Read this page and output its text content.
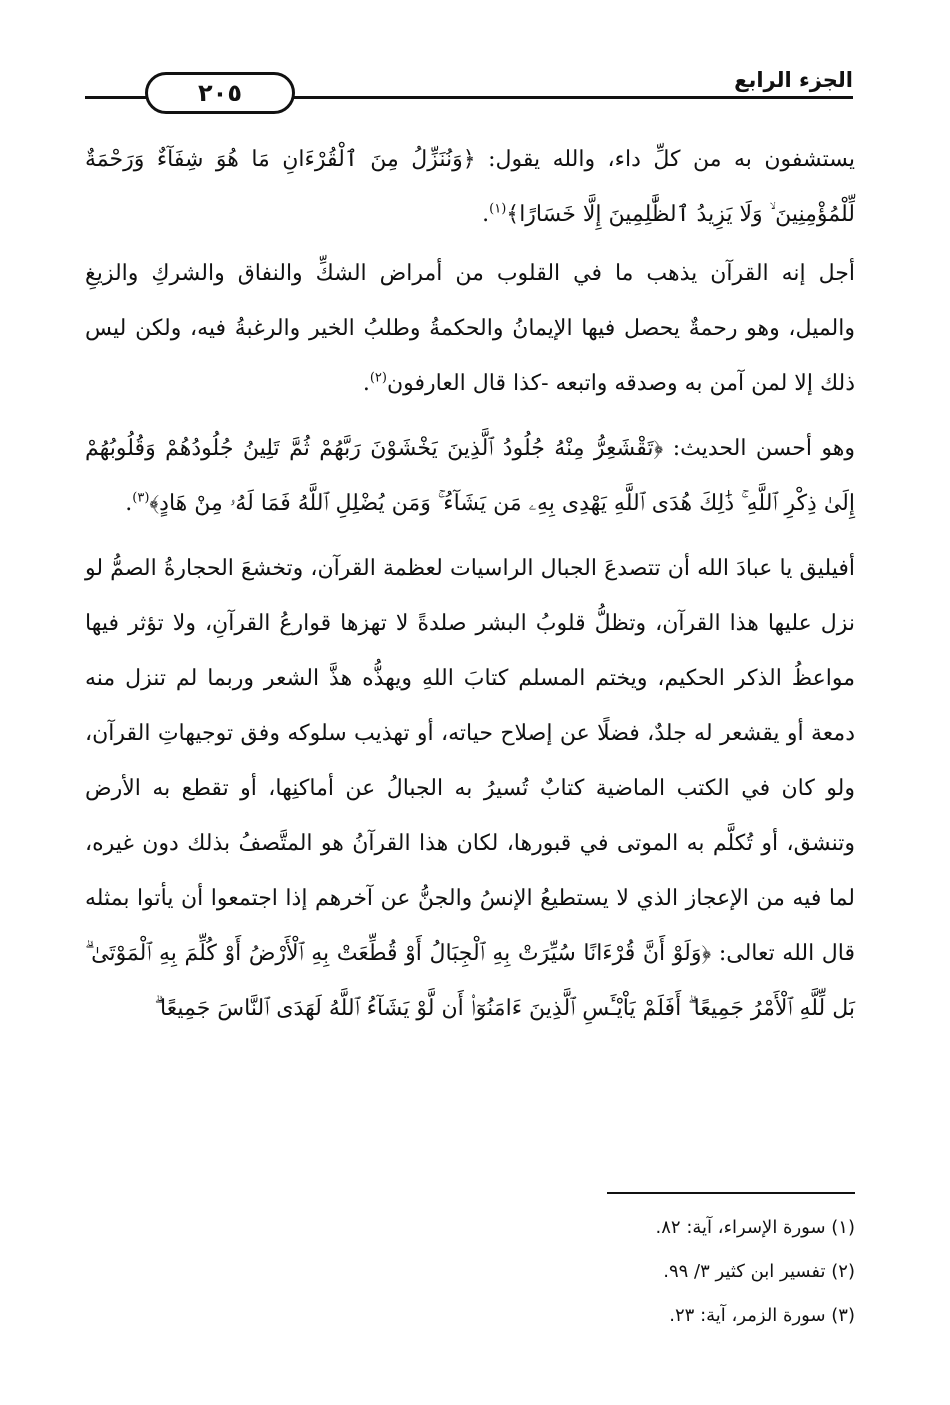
الجزء الرابع
٢٠٥

يستشفون به من كلِّ داء، والله يقول: ﴿وَنُنَزِّلُ مِنَ ٱلْقُرْءَانِ مَا هُوَ شِفَآءٌ وَرَحْمَةٌ لِّلْمُؤْمِنِينَ ۙ وَلَا يَزِيدُ ٱلظَّٰلِمِينَ إِلَّا خَسَارًا﴾$^{(١)}$.

أجل إنه القرآن يذهب ما في القلوب من أمراض الشكِّ والنفاق والشركِ والزيغِ والميل، وهو رحمةٌ يحصل فيها الإيمانُ والحكمةُ وطلبُ الخير والرغبةُ فيه، ولكن ليس ذلك إلا لمن آمن به وصدقه واتبعه -كذا قال العارفون$^{(٢)}$.

وهو أحسن الحديث: ﴿تَقْشَعِرُّ مِنْهُ جُلُودُ ٱلَّذِينَ يَخْشَوْنَ رَبَّهُمْ ثُمَّ تَلِينُ جُلُودُهُمْ وَقُلُوبُهُمْ إِلَىٰ ذِكْرِ ٱللَّهِ ۚ ذَٰلِكَ هُدَى ٱللَّهِ يَهْدِى بِهِۦ مَن يَشَآءُ ۚ وَمَن يُضْلِلِ ٱللَّهُ فَمَا لَهُۥ مِنْ هَادٍ﴾$^{(٣)}$.

أفيليق يا عبادَ الله أن تتصدعَ الجبال الراسيات لعظمة القرآن، وتخشعَ الحجارةُ الصمُّ لو نزل عليها هذا القرآن، وتظلُّ قلوبُ البشر صلدةً لا تهزها قوارعُ القرآنِ، ولا تؤثر فيها مواعظُ الذكر الحكيم، ويختم المسلم كتابَ اللهِ ويهذُّه هذَّ الشعر وربما لم تنزل منه دمعة أو يقشعر له جلدٌ، فضلًا عن إصلاح حياته، أو تهذيب سلوكه وفق توجيهاتِ القرآن، ولو كان في الكتب الماضية كتابٌ تُسيرُ به الجبالُ عن أماكنِها، أو تقطع به الأرض وتنشق، أو تُكلَّم به الموتى في قبورها، لكان هذا القرآنُ هو المتَّصفُ بذلك دون غيره، لما فيه من الإعجاز الذي لا يستطيعُ الإنسُ والجنُّ عن آخرهم إذا اجتمعوا أن يأتوا بمثله قال الله تعالى: ﴿وَلَوْ أَنَّ قُرْءَانًا سُيِّرَتْ بِهِ ٱلْجِبَالُ أَوْ قُطِّعَتْ بِهِ ٱلْأَرْضُ أَوْ كُلِّمَ بِهِ ٱلْمَوْتَىٰ ۗ بَل لِّلَّهِ ٱلْأَمْرُ جَمِيعًا ۗ أَفَلَمْ يَاْيْـَٔسِ ٱلَّذِينَ ءَامَنُوٓا۟ أَن لَّوْ يَشَآءُ ٱللَّهُ لَهَدَى ٱلنَّاسَ جَمِيعًا ۗ

(١) سورة الإسراء، آية: ٨٢.
(٢) تفسير ابن كثير ٣/ ٩٩.
(٣) سورة الزمر، آية: ٢٣.
